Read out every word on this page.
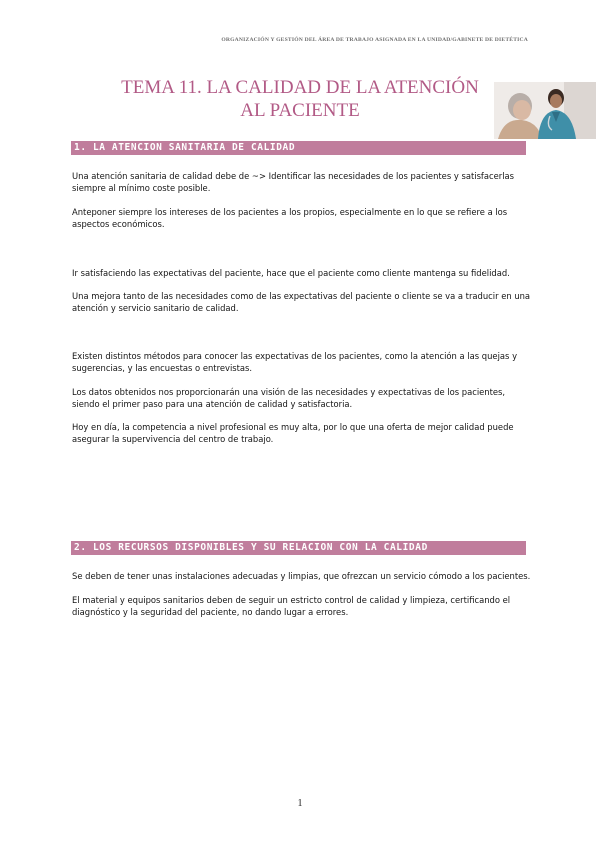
ORGANIZACIÓN Y GESTIÓN DEL ÁREA DE TRABAJO ASIGNADA EN LA UNIDAD/GABINETE DE DIETÉTICA
TEMA 11. LA CALIDAD DE LA ATENCIÓN
AL PACIENTE
1. LA ATENCION SANITARIA DE CALIDAD
Una atención sanitaria de calidad debe de ~> Identificar las necesidades de los pacientes y satisfacerlas siempre al mínimo coste posible.
Anteponer siempre los intereses de los pacientes a los propios, especialmente en lo que se refiere a los aspectos económicos.
Ir satisfaciendo las expectativas del paciente, hace que el paciente como cliente mantenga su fidelidad.
Una mejora tanto de las necesidades como de las expectativas del paciente o cliente se va a traducir en una atención y servicio sanitario de calidad.
Existen distintos métodos para conocer las expectativas de los pacientes, como la atención a las quejas y sugerencias, y las encuestas o entrevistas.
Los datos obtenidos nos proporcionarán una visión de las necesidades y expectativas de los pacientes, siendo el primer paso para una atención de calidad y satisfactoria.
Hoy en día, la competencia a nivel profesional es muy alta, por lo que una oferta de mejor calidad puede asegurar la supervivencia del centro de trabajo.
2. LOS RECURSOS DISPONIBLES Y SU RELACION CON LA CALIDAD
Se deben de tener unas instalaciones adecuadas y limpias, que ofrezcan un servicio cómodo a los pacientes.
El material y equipos sanitarios deben de seguir un estricto control de calidad y limpieza, certificando el diagnóstico y la seguridad del paciente, no dando lugar a errores.
1
